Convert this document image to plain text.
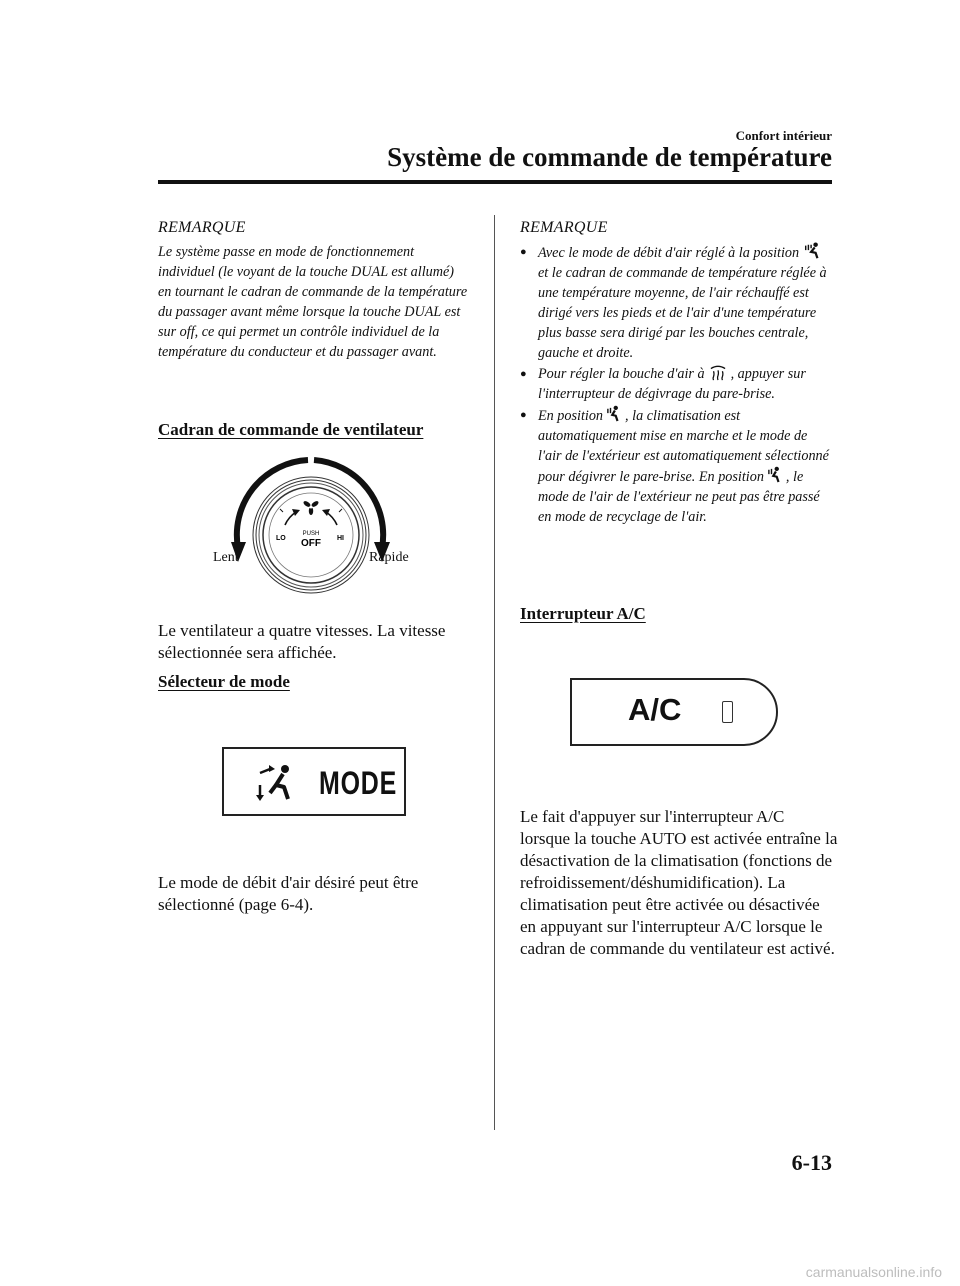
Confort intérieur
Système de commande de température
REMARQUE
Le système passe en mode de fonctionnement individuel (le voyant de la touche DUAL est allumé) en tournant le cadran de commande de la température du passager avant même lorsque la touche DUAL est sur off, ce qui permet un contrôle individuel de la température du conducteur et du passager avant.
Cadran de commande de ventilateur
LO	HI
PUSH
OFF
Lent	Rapide
Le ventilateur a quatre vitesses. La vitesse sélectionnée sera affichée.
Sélecteur de mode
MODE
Le mode de débit d'air désiré peut être sélectionné (page 6-4).
REMARQUE
● Avec le mode de débit d'air réglé à la positionet le cadran de commande de température réglée à une température moyenne, de l'air réchauffé est dirigé vers les pieds et de l'air d'une température plus basse sera dirigé par les bouches centrale, gauche et droite.
● Pour régler la bouche d'air à , appuyer sur l'interrupteur de dégivrage du pare-brise.
● En position , la climatisation est automatiquement mise en marche et le mode de l'air de l'extérieur est automatiquement sélectionné pour dégivrer le pare-brise. En position , le mode de l'air de l'extérieur ne peut pas être passé en mode de recyclage de l'air.
Interrupteur A/C
A/C
Le fait d'appuyer sur l'interrupteur A/C lorsque la touche AUTO est activée entraîne la désactivation de la climatisation (fonctions de refroidissement/déshumidification). La climatisation peut être activée ou désactivée en appuyant sur l'interrupteur A/C lorsque le cadran de commande du ventilateur est activé.
6-13
carmanualsonline.info
